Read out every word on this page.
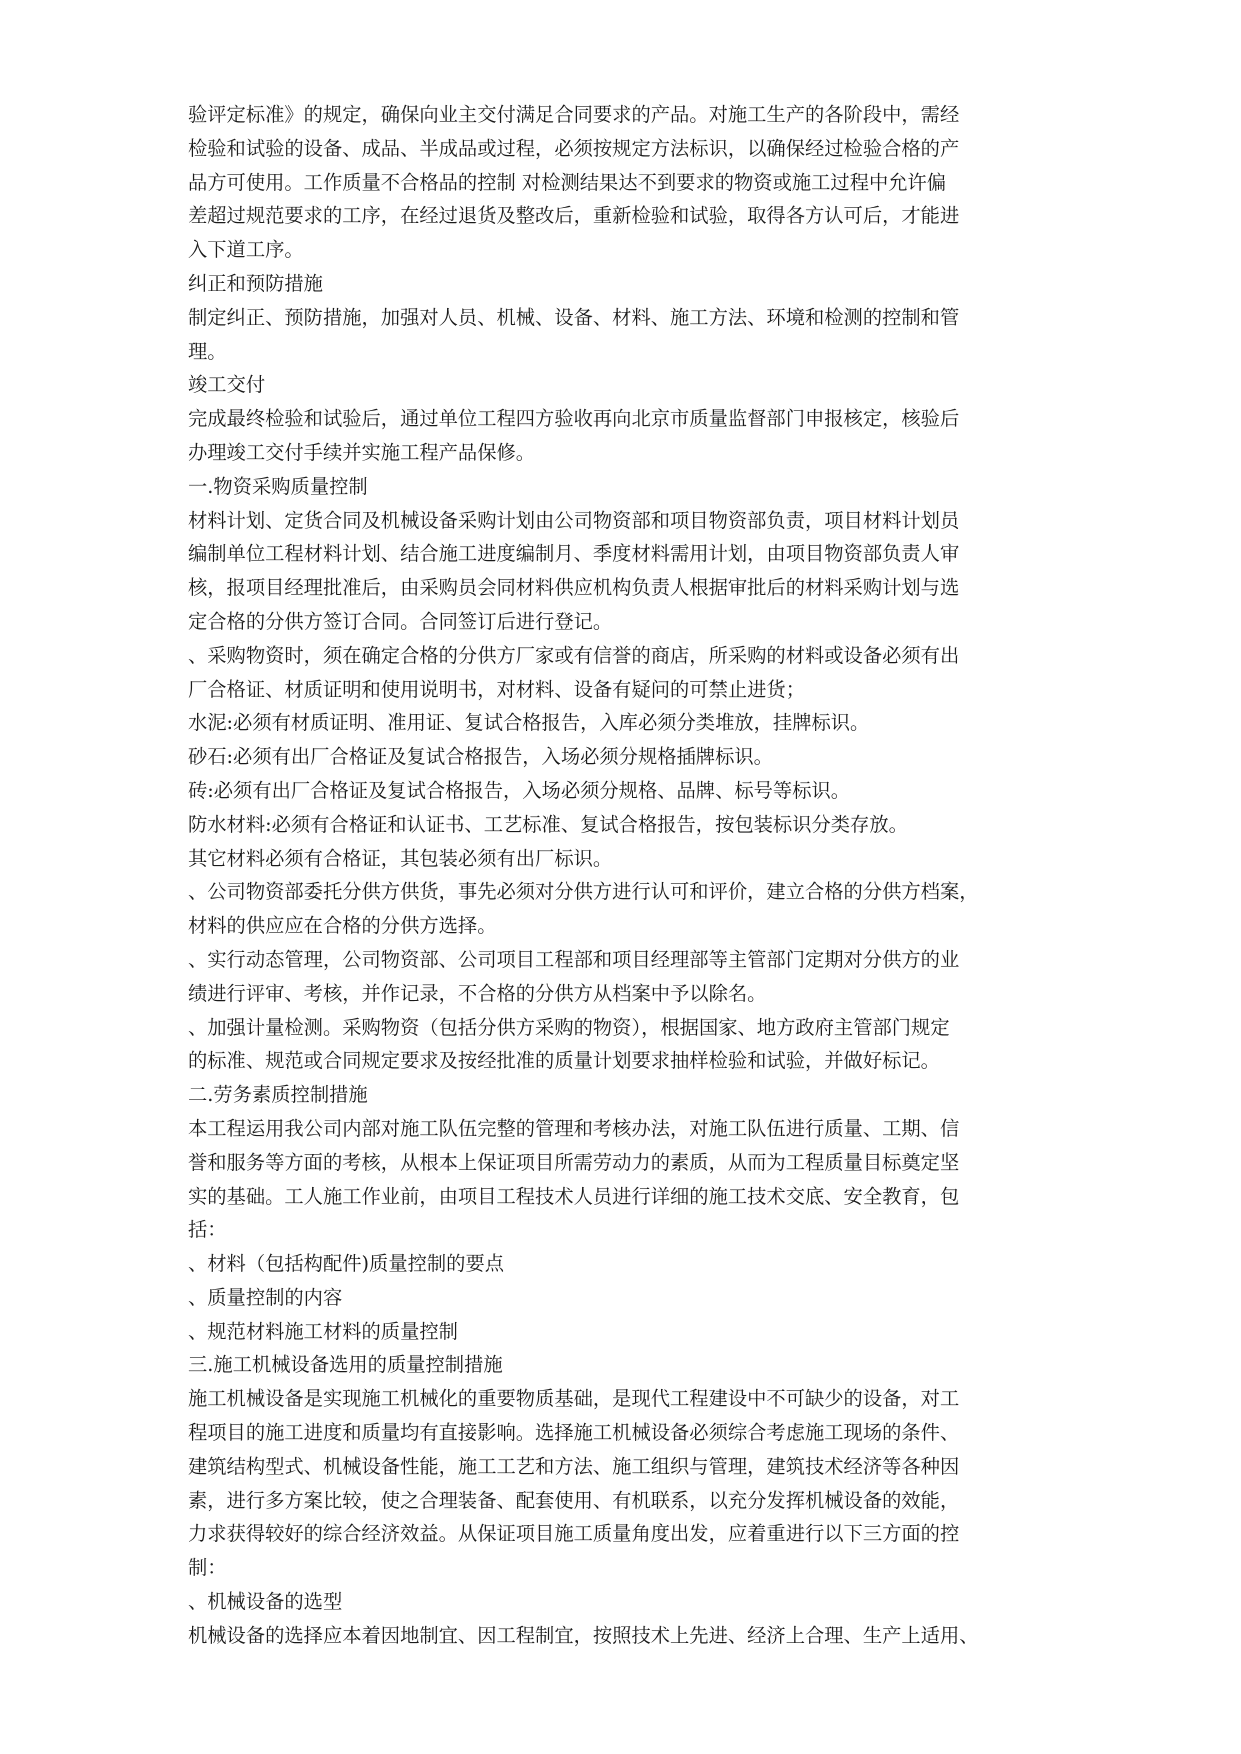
验评定标准》的规定，确保向业主交付满足合同要求的产品。对施工生产的各阶段中，需经
检验和试验的设备、成品、半成品或过程，必须按规定方法标识，以确保经过检验合格的产
品方可使用。工作质量不合格品的控制 对检测结果达不到要求的物资或施工过程中允许偏
差超过规范要求的工序，在经过退货及整改后，重新检验和试验，取得各方认可后，才能进
入下道工序。
纠正和预防措施
制定纠正、预防措施，加强对人员、机械、设备、材料、施工方法、环境和检测的控制和管
理。
竣工交付
完成最终检验和试验后，通过单位工程四方验收再向北京市质量监督部门申报核定，核验后
办理竣工交付手续并实施工程产品保修。
一.物资采购质量控制
材料计划、定货合同及机械设备采购计划由公司物资部和项目物资部负责，项目材料计划员
编制单位工程材料计划、结合施工进度编制月、季度材料需用计划，由项目物资部负责人审
核，报项目经理批准后，由采购员会同材料供应机构负责人根据审批后的材料采购计划与选
定合格的分供方签订合同。合同签订后进行登记。
、采购物资时，须在确定合格的分供方厂家或有信誉的商店，所采购的材料或设备必须有出
厂合格证、材质证明和使用说明书，对材料、设备有疑问的可禁止进货；
水泥:必须有材质证明、准用证、复试合格报告，入库必须分类堆放，挂牌标识。
砂石:必须有出厂合格证及复试合格报告，入场必须分规格插牌标识。
砖:必须有出厂合格证及复试合格报告，入场必须分规格、品牌、标号等标识。
防水材料:必须有合格证和认证书、工艺标准、复试合格报告，按包装标识分类存放。
其它材料必须有合格证，其包装必须有出厂标识。
、公司物资部委托分供方供货，事先必须对分供方进行认可和评价，建立合格的分供方档案，
材料的供应应在合格的分供方选择。
、实行动态管理，公司物资部、公司项目工程部和项目经理部等主管部门定期对分供方的业
绩进行评审、考核，并作记录，不合格的分供方从档案中予以除名。
、加强计量检测。采购物资（包括分供方采购的物资），根据国家、地方政府主管部门规定
的标准、规范或合同规定要求及按经批准的质量计划要求抽样检验和试验，并做好标记。
二.劳务素质控制措施
本工程运用我公司内部对施工队伍完整的管理和考核办法，对施工队伍进行质量、工期、信
誉和服务等方面的考核，从根本上保证项目所需劳动力的素质，从而为工程质量目标奠定坚
实的基础。工人施工作业前，由项目工程技术人员进行详细的施工技术交底、安全教育，包
括：
、材料（包括构配件)质量控制的要点
、质量控制的内容
、规范材料施工材料的质量控制
三.施工机械设备选用的质量控制措施
施工机械设备是实现施工机械化的重要物质基础，是现代工程建设中不可缺少的设备，对工
程项目的施工进度和质量均有直接影响。选择施工机械设备必须综合考虑施工现场的条件、
建筑结构型式、机械设备性能，施工工艺和方法、施工组织与管理，建筑技术经济等各种因
素，进行多方案比较，使之合理装备、配套使用、有机联系，以充分发挥机械设备的效能，
力求获得较好的综合经济效益。从保证项目施工质量角度出发，应着重进行以下三方面的控
制：
、机械设备的选型
机械设备的选择应本着因地制宜、因工程制宜，按照技术上先进、经济上合理、生产上适用、
